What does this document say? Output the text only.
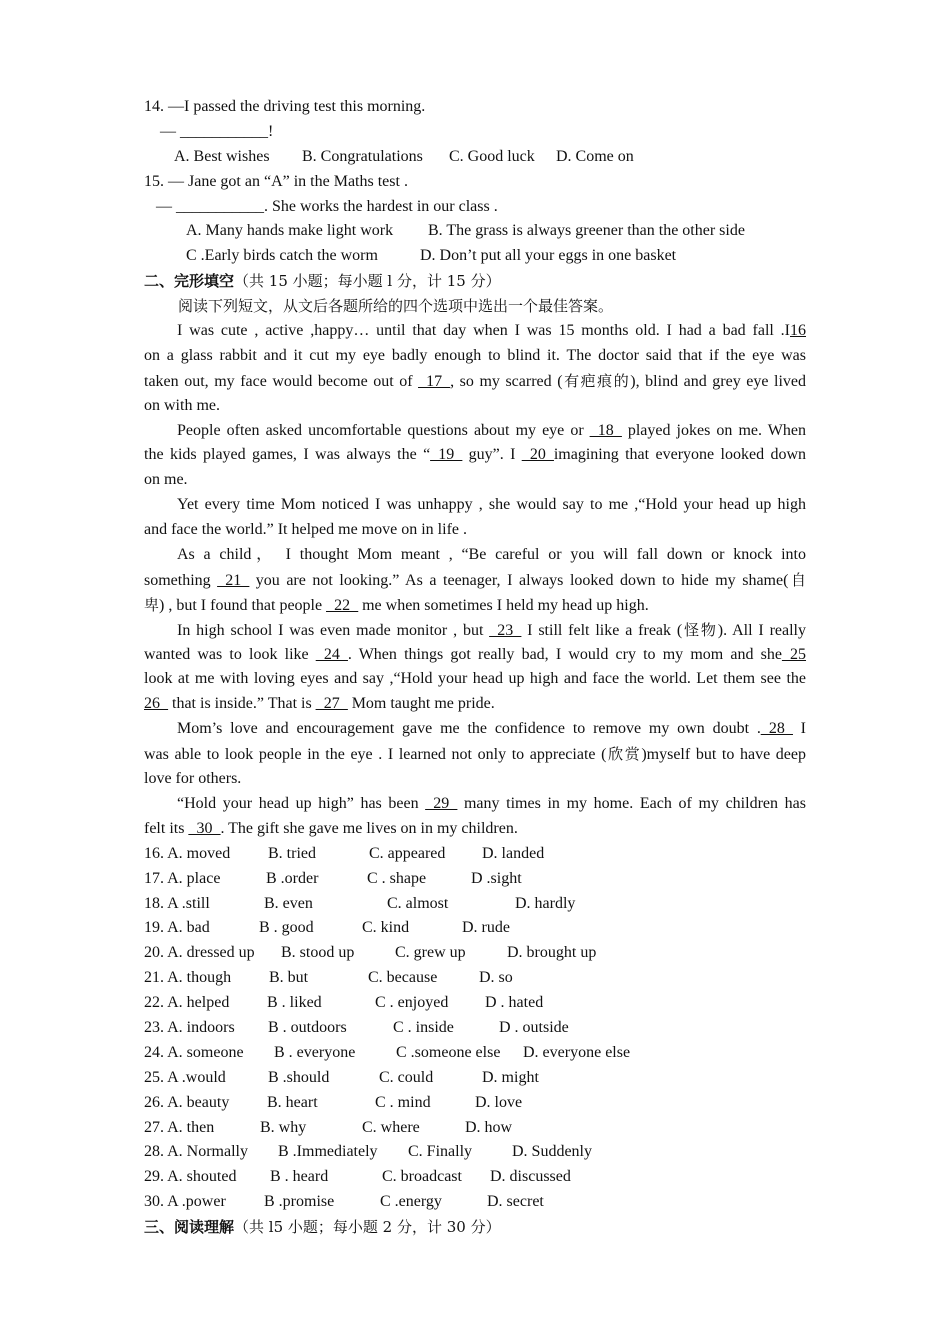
14. —I passed the driving test this morning.
— ___________!
A. Best wishes B. Congratulations C. Good luck D. Come on
15. — Jane got an “A” in the Maths test .
— ___________. She works the hardest in our class .
A. Many hands make light work B. The grass is always greener than the other side
C .Early birds catch the worm	D. Don’t put all your eggs in one basket
二、完形填空（共 15 小题；每小题 l 分，计 15 分）
阅读下列短文，从文后各题所给的四个选项中选出一个最佳答案。
I was cute , active ,happy… until that day when I was 15 months old. I had a bad fall .I16
on a glass rabbit and it cut my eye badly enough to blind it. The doctor said that if the eye was
taken out, my face would become out of _17_, so my scarred (有疤痕的), blind and grey eye lived
on with me.
People often asked uncomfortable questions about my eye or _18_ played jokes on me. When
the kids played games, I was always the “_19_ guy”. I _20_imagining that everyone looked down
on me.
Yet every time Mom noticed I was unhappy , she would say to me ,“Hold your head up high
and face the world.” It helped me move on in life .
As a child， I thought Mom meant , “Be careful or you will fall down or knock into
something _21_ you are not looking.” As a teenager, I always looked down to hide my shame(自
卑) , but I found that people _22_ me when sometimes I held my head up high.
In high school I was even made monitor , but _23_ I still felt like a freak (怪物). All I really
wanted was to look like _24_. When things got really bad, I would cry to my mom and she_25
look at me with loving eyes and say ,“Hold your head up high and face the world. Let them see the
26_ that is inside.” That is _27_ Mom taught me pride.
Mom’s love and encouragement gave me the confidence to remove my own doubt ._28_ I
was able to look people in the eye . I learned not only to appreciate (欣赏)myself but to have deep
love for others.
“Hold your head up high” has been _29_ many times in my home. Each of my children has
felt its _30_. The gift she gave me lives on in my children.
16. A. moved B. tried	C. appeared D. landed
17. A. place	B .order	C . shape	D .sight
18. A .still	B. even	C. almost	D. hardly
19. A. bad	B . good	C. kind	D. rude
20. A. dressed up B. stood up	C. grew up	D. brought up
21. A. though B. but	C. because	D. so
22. A. helped B . liked	C . enjoyed D . hated
23. A. indoors B . outdoors	C . inside	D . outside
24. A. someone B . everyone	C .someone else D. everyone else
25. A .would	B .should	C. could	D. might
26. A. beauty B. heart	C . mind	D. love
27. A. then	B. why	C. where	D. how
28. A. Normally B .Immediately C. Finally D. Suddenly
29. A. shouted B . heard	C. broadcast D. discussed
30. A .power B .promise	C .energy	D. secret
三、阅读理解（共 l5 小题；每小题 2 分，计 30 分）
